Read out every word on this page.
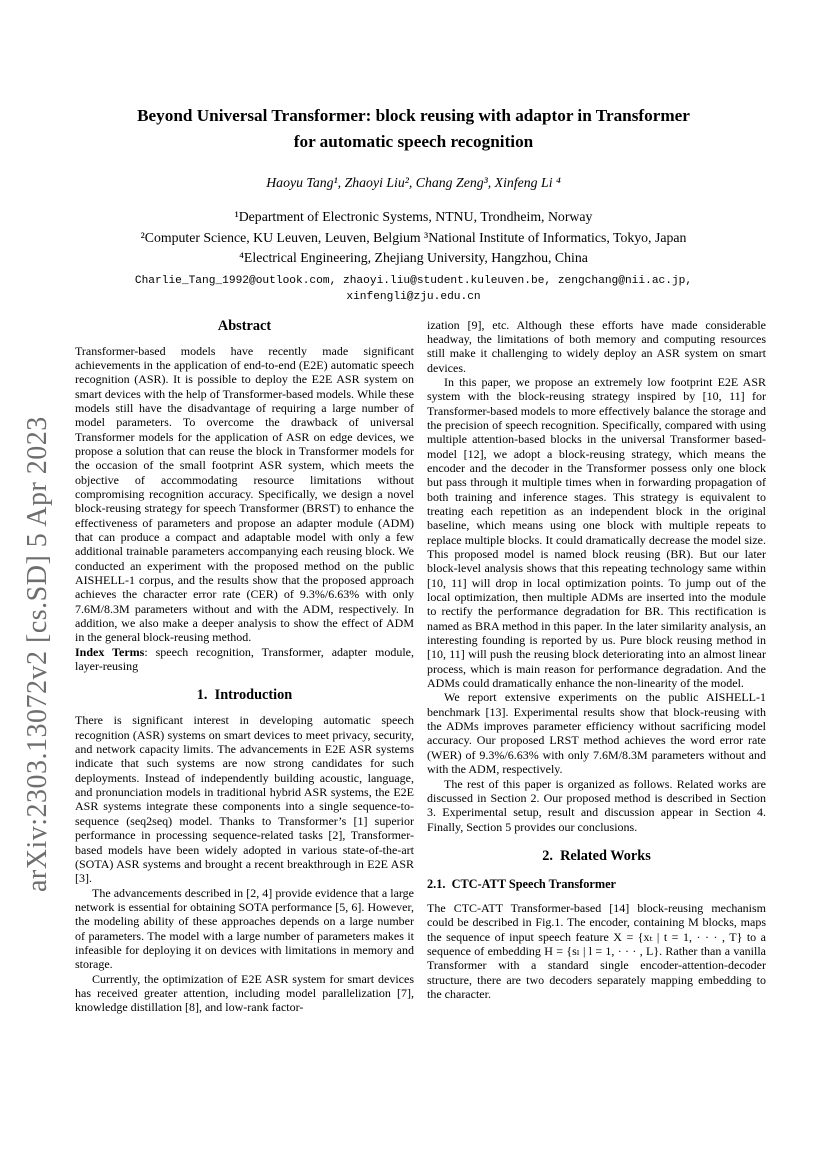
arXiv:2303.13072v2 [cs.SD] 5 Apr 2023
Beyond Universal Transformer: block reusing with adaptor in Transformer
for automatic speech recognition
Haoyu Tang¹, Zhaoyi Liu², Chang Zeng³, Xinfeng Li ⁴
¹Department of Electronic Systems, NTNU, Trondheim, Norway
²Computer Science, KU Leuven, Leuven, Belgium ³National Institute of Informatics, Tokyo, Japan
⁴Electrical Engineering, Zhejiang University, Hangzhou, China
Charlie_Tang_1992@outlook.com, zhaoyi.liu@student.kuleuven.be, zengchang@nii.ac.jp,
xinfengli@zju.edu.cn
Abstract

Transformer-based models have recently made significant achievements in the application of end-to-end (E2E) automatic speech recognition (ASR). It is possible to deploy the E2E ASR system on smart devices with the help of Transformer-based models. While these models still have the disadvantage of requiring a large number of model parameters. To overcome the drawback of universal Transformer models for the application of ASR on edge devices, we propose a solution that can reuse the block in Transformer models for the occasion of the small footprint ASR system, which meets the objective of accommodating resource limitations without compromising recognition accuracy. Specifically, we design a novel block-reusing strategy for speech Transformer (BRST) to enhance the effectiveness of parameters and propose an adapter module (ADM) that can produce a compact and adaptable model with only a few additional trainable parameters accompanying each reusing block. We conducted an experiment with the proposed method on the public AISHELL-1 corpus, and the results show that the proposed approach achieves the character error rate (CER) of 9.3%/6.63% with only 7.6M/8.3M parameters without and with the ADM, respectively. In addition, we also make a deeper analysis to show the effect of ADM in the general block-reusing method.

Index Terms: speech recognition, Transformer, adapter module, layer-reusing

1. Introduction

There is significant interest in developing automatic speech recognition (ASR) systems on smart devices to meet privacy, security, and network capacity limits. The advancements in E2E ASR systems indicate that such systems are now strong candidates for such deployments. Instead of independently building acoustic, language, and pronunciation models in traditional hybrid ASR systems, the E2E ASR systems integrate these components into a single sequence-to-sequence (seq2seq) model. Thanks to Transformer’s [1] superior performance in processing sequence-related tasks [2], Transformer-based models have been widely adopted in various state-of-the-art (SOTA) ASR systems and brought a recent breakthrough in E2E ASR [3].

The advancements described in [2, 4] provide evidence that a large network is essential for obtaining SOTA performance [5, 6]. However, the modeling ability of these approaches depends on a large number of parameters. The model with a large number of parameters makes it infeasible for deploying it on devices with limitations in memory and storage.

Currently, the optimization of E2E ASR system for smart devices has received greater attention, including model parallelization [7], knowledge distillation [8], and low-rank factor-

ization [9], etc. Although these efforts have made considerable headway, the limitations of both memory and computing resources still make it challenging to widely deploy an ASR system on smart devices.

In this paper, we propose an extremely low footprint E2E ASR system with the block-reusing strategy inspired by [10, 11] for Transformer-based models to more effectively balance the storage and the precision of speech recognition. Specifically, compared with using multiple attention-based blocks in the universal Transformer based-model [12], we adopt a block-reusing strategy, which means the encoder and the decoder in the Transformer possess only one block but pass through it multiple times when in forwarding propagation of both training and inference stages. This strategy is equivalent to treating each repetition as an independent block in the original baseline, which means using one block with multiple repeats to replace multiple blocks. It could dramatically decrease the model size. This proposed model is named block reusing (BR). But our later block-level analysis shows that this repeating technology same within [10, 11] will drop in local optimization points. To jump out of the local optimization, then multiple ADMs are inserted into the module to rectify the performance degradation for BR. This rectification is named as BRA method in this paper. In the later similarity analysis, an interesting founding is reported by us. Pure block reusing method in [10, 11] will push the reusing block deteriorating into an almost linear process, which is main reason for performance degradation. And the ADMs could dramatically enhance the non-linearity of the model.

We report extensive experiments on the public AISHELL-1 benchmark [13]. Experimental results show that block-reusing with the ADMs improves parameter efficiency without sacrificing model accuracy. Our proposed LRST method achieves the word error rate (WER) of 9.3%/6.63% with only 7.6M/8.3M parameters without and with the ADM, respectively.

The rest of this paper is organized as follows. Related works are discussed in Section 2. Our proposed method is described in Section 3. Experimental setup, result and discussion appear in Section 4. Finally, Section 5 provides our conclusions.

2. Related Works
2.1. CTC-ATT Speech Transformer

The CTC-ATT Transformer-based [14] block-reusing mechanism could be described in Fig.1. The encoder, containing M blocks, maps the sequence of input speech feature X = {xₜ | t = 1, · · · , T} to a sequence of embedding H = {sₗ | l = 1, · · · , L}. Rather than a vanilla Transformer with a standard single encoder-attention-decoder structure, there are two decoders separately mapping embedding to the character.
